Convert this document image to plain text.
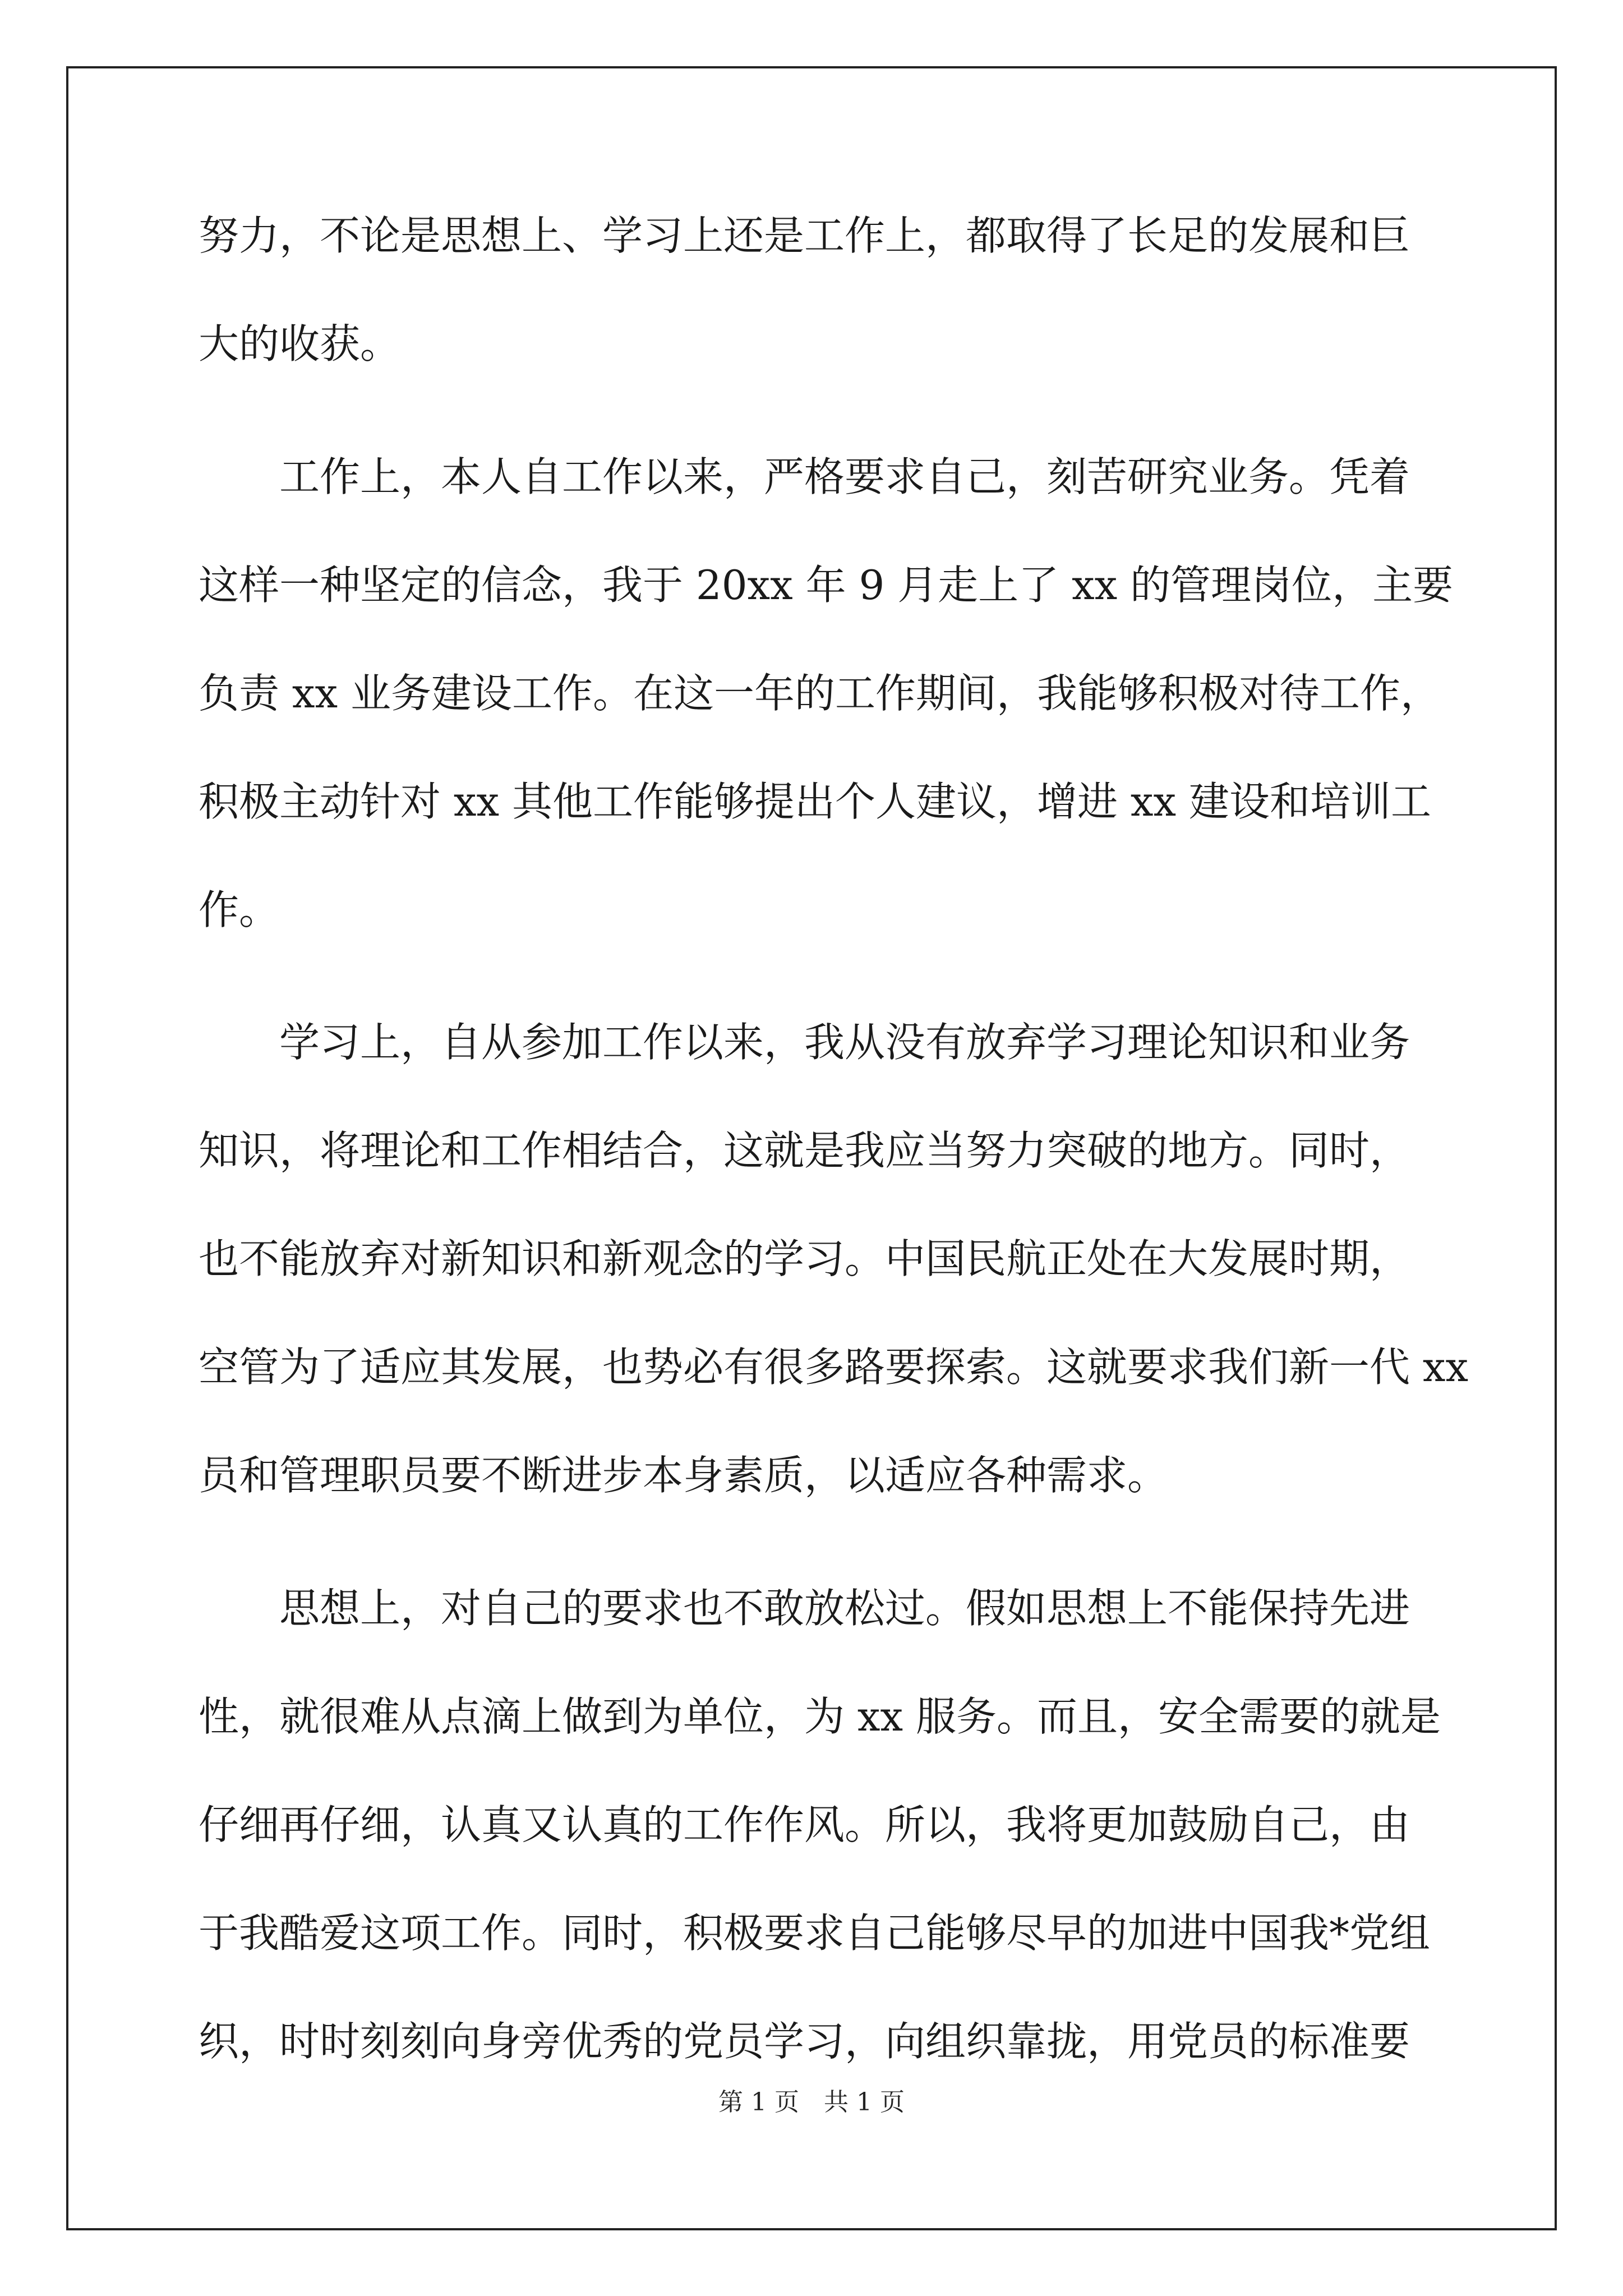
努力，不论是思想上、学习上还是工作上，都取得了长足的发展和巨
大的收获。
　　工作上，本人自工作以来，严格要求自己，刻苦研究业务。凭着
这样一种坚定的信念，我于 20xx 年 9 月走上了 xx 的管理岗位，主要
负责 xx 业务建设工作。在这一年的工作期间，我能够积极对待工作，
积极主动针对 xx 其他工作能够提出个人建议，增进 xx 建设和培训工
作。
　　学习上，自从参加工作以来，我从没有放弃学习理论知识和业务
知识，将理论和工作相结合，这就是我应当努力突破的地方。同时，
也不能放弃对新知识和新观念的学习。中国民航正处在大发展时期，
空管为了适应其发展，也势必有很多路要探索。这就要求我们新一代 xx
员和管理职员要不断进步本身素质，以适应各种需求。
　　思想上，对自己的要求也不敢放松过。假如思想上不能保持先进
性，就很难从点滴上做到为单位，为 xx 服务。而且，安全需要的就是
仔细再仔细，认真又认真的工作作风。所以，我将更加鼓励自己，由
于我酷爱这项工作。同时，积极要求自己能够尽早的加进中国我*党组
织，时时刻刻向身旁优秀的党员学习，向组织靠拢，用党员的标准要
第 1 页　共 1 页
